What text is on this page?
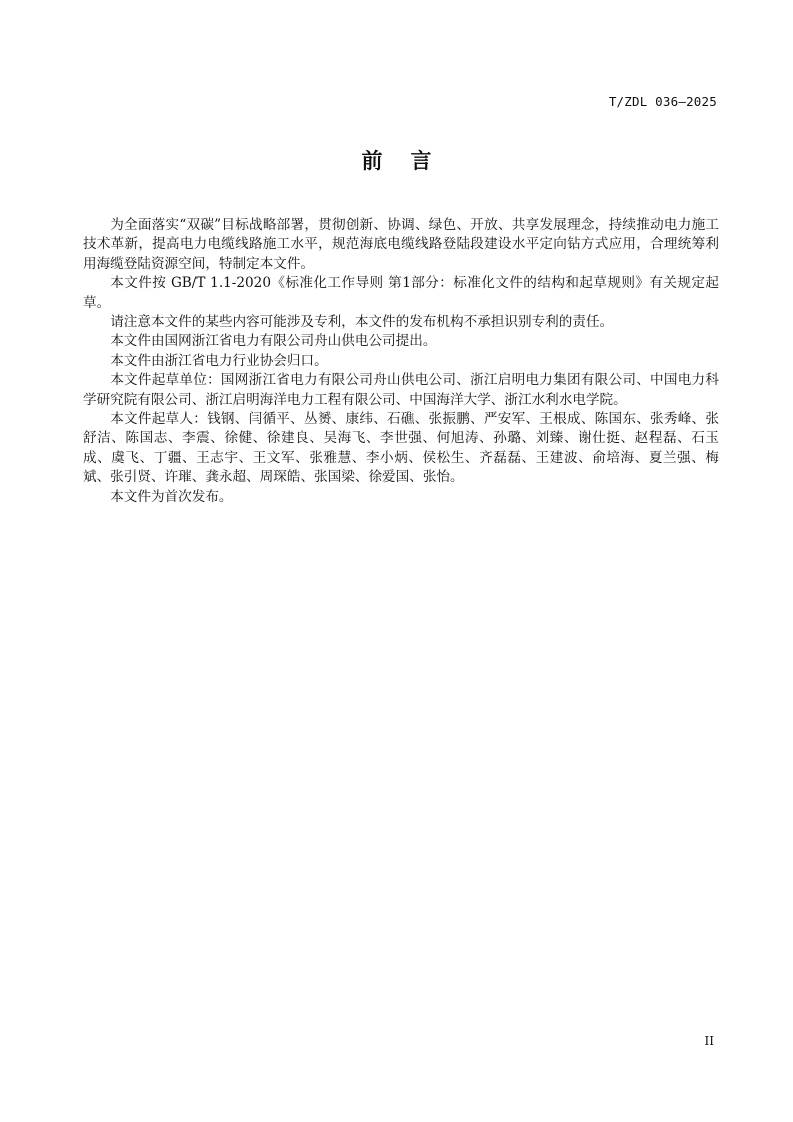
T/ZDL 036—2025
前言

为全面落实“双碳”目标战略部署，贯彻创新、协调、绿色、开放、共享发展理念，持续推动电力施工技术革新，提高电力电缆线路施工水平，规范海底电缆线路登陆段建设水平定向钻方式应用，合理统筹利用海缆登陆资源空间，特制定本文件。

本文件按 GB/T 1.1-2020《标准化工作导则 第1部分：标准化文件的结构和起草规则》有关规定起草。

请注意本文件的某些内容可能涉及专利，本文件的发布机构不承担识别专利的责任。

本文件由国网浙江省电力有限公司舟山供电公司提出。

本文件由浙江省电力行业协会归口。

本文件起草单位：国网浙江省电力有限公司舟山供电公司、浙江启明电力集团有限公司、中国电力科学研究院有限公司、浙江启明海洋电力工程有限公司、中国海洋大学、浙江水利水电学院。

本文件起草人：钱钢、闫循平、丛赟、康纬、石礁、张振鹏、严安军、王根成、陈国东、张秀峰、张舒洁、陈国志、李震、徐健、徐建良、吴海飞、李世强、何旭涛、孙璐、刘臻、谢仕挺、赵程磊、石玉成、虞飞、丁疆、王志宇、王文军、张雅慧、李小炳、侯松生、齐磊磊、王建波、俞培海、夏兰强、梅斌、张引贤、许璀、龚永超、周琛皓、张国梁、徐爱国、张怡。

本文件为首次发布。

II
